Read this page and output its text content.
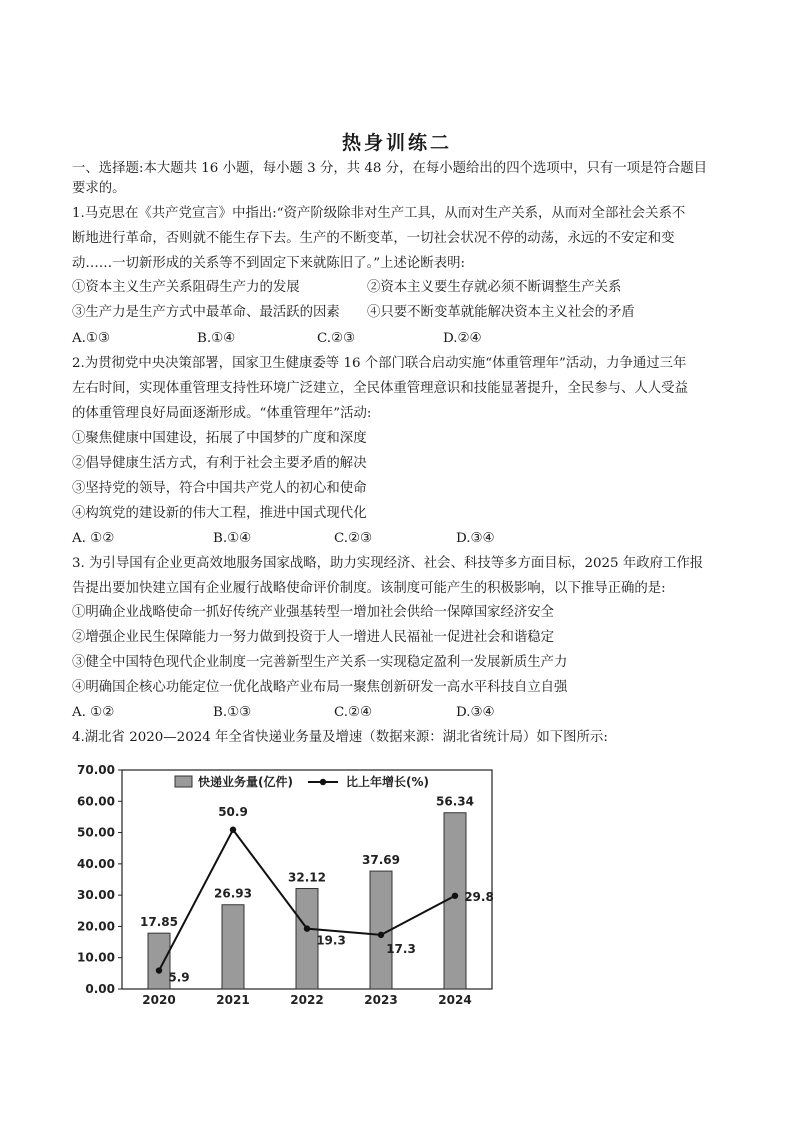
热身训练二
一、选择题:本大题共 16 小题，每小题 3 分，共 48 分，在每小题给出的四个选项中，只有一项是符合题目
要求的。
1.马克思在《共产党宣言》中指出:“资产阶级除非对生产工具，从而对生产关系，从而对全部社会关系不
断地进行革命，否则就不能生存下去。生产的不断变革，一切社会状况不停的动荡，永远的不安定和变
动……一切新形成的关系等不到固定下来就陈旧了。”上述论断表明:
①资本主义生产关系阻碍生产力的发展	②资本主义要生存就必须不断调整生产关系
③生产力是生产方式中最革命、最活跃的因素 ④只要不断变革就能解决资本主义社会的矛盾
A.①③	B.①④	C.②③	D.②④
2.为贯彻党中央决策部署，国家卫生健康委等 16 个部门联合启动实施“体重管理年”活动，力争通过三年
左右时间，实现体重管理支持性环境广泛建立，全民体重管理意识和技能显著提升，全民参与、人人受益
的体重管理良好局面逐渐形成。“体重管理年”活动:
①聚焦健康中国建设，拓展了中国梦的广度和深度
②倡导健康生活方式，有利于社会主要矛盾的解决
③坚持党的领导，符合中国共产党人的初心和使命
④构筑党的建设新的伟大工程，推进中国式现代化
A. ①②	B.①④	C.②③	D.③④
3. 为引导国有企业更高效地服务国家战略，助力实现经济、社会、科技等多方面目标，2025 年政府工作报
告提出要加快建立国有企业履行战略使命评价制度。该制度可能产生的积极影响，以下推导正确的是:
①明确企业战略使命一抓好传统产业强基转型一增加社会供给一保障国家经济安全
②增强企业民生保障能力一努力做到投资于人一增进人民福祉一促进社会和谐稳定
③健全中国特色现代企业制度一完善新型生产关系一实现稳定盈利一发展新质生产力
④明确国企核心功能定位一优化战略产业布局一聚焦创新研发一高水平科技自立自强
A. ①②	B.①③	C.②④	D.③④
4.湖北省 2020—2024 年全省快递业务量及增速（数据来源：湖北省统计局）如下图所示:
0.00
10.00
20.00
30.00
40.00
50.00
60.00
70.00
2020	2021	2022	2023	2024
17.85
26.93
32.12
37.69
56.34
5.9
50.9
19.3
17.3
29.8
快递业务量(亿件)	比上年增长(%)
